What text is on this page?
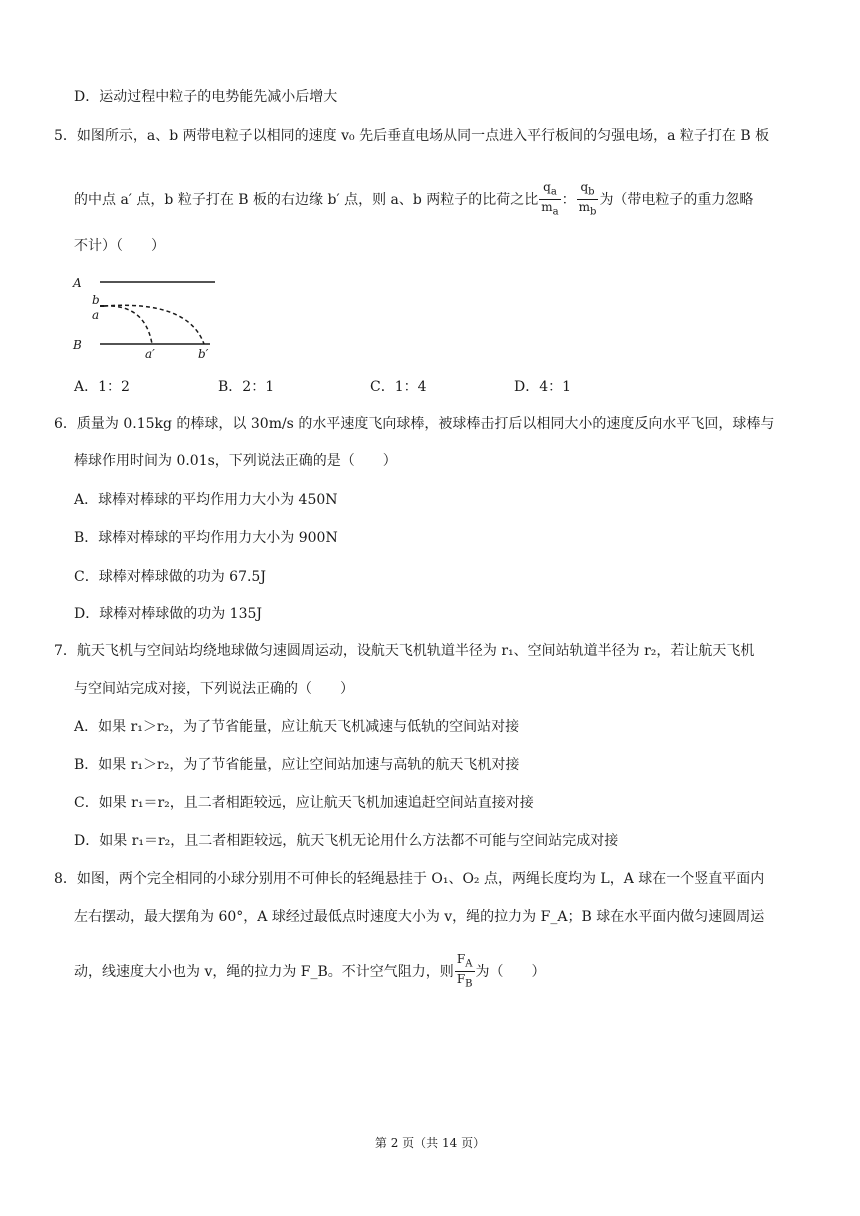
D．运动过程中粒子的电势能先减小后增大
5．如图所示，a、b 两带电粒子以相同的速度 v₀ 先后垂直电场从同一点进入平行板间的匀强电场，a 粒子打在 B 板
的中点 a′ 点，b 粒子打在 B 板的右边缘 b′ 点，则 a、b 两粒子的比荷之比 $\frac{q_a}{m_a}$ ： $\frac{q_b}{m_b}$ 为（带电粒子的重力忽略
不计）（　　）
A
b
a
B
a′	b′
A．1：2	B．2：1	C．1：4	D．4：1
6．质量为 0.15kg 的棒球，以 30m/s 的水平速度飞向球棒，被球棒击打后以相同大小的速度反向水平飞回，球棒与
棒球作用时间为 0.01s，下列说法正确的是（　　）
A．球棒对棒球的平均作用力大小为 450N
B．球棒对棒球的平均作用力大小为 900N
C．球棒对棒球做的功为 67.5J
D．球棒对棒球做的功为 135J
7．航天飞机与空间站均绕地球做匀速圆周运动，设航天飞机轨道半径为 r₁、空间站轨道半径为 r₂，若让航天飞机
与空间站完成对接，下列说法正确的（　　）
A．如果 r₁＞r₂，为了节省能量，应让航天飞机减速与低轨的空间站对接
B．如果 r₁＞r₂，为了节省能量，应让空间站加速与高轨的航天飞机对接
C．如果 r₁＝r₂，且二者相距较远，应让航天飞机加速追赶空间站直接对接
D．如果 r₁＝r₂，且二者相距较远，航天飞机无论用什么方法都不可能与空间站完成对接
8．如图，两个完全相同的小球分别用不可伸长的轻绳悬挂于 O₁、O₂ 点，两绳长度均为 L，A 球在一个竖直平面内
左右摆动，最大摆角为 60°，A 球经过最低点时速度大小为 v，绳的拉力为 F_A；B 球在水平面内做匀速圆周运
动，线速度大小也为 v，绳的拉力为 F_B。不计空气阻力，则 $\frac{F_A}{F_B}$ 为（　　）
第 2 页（共 14 页）
